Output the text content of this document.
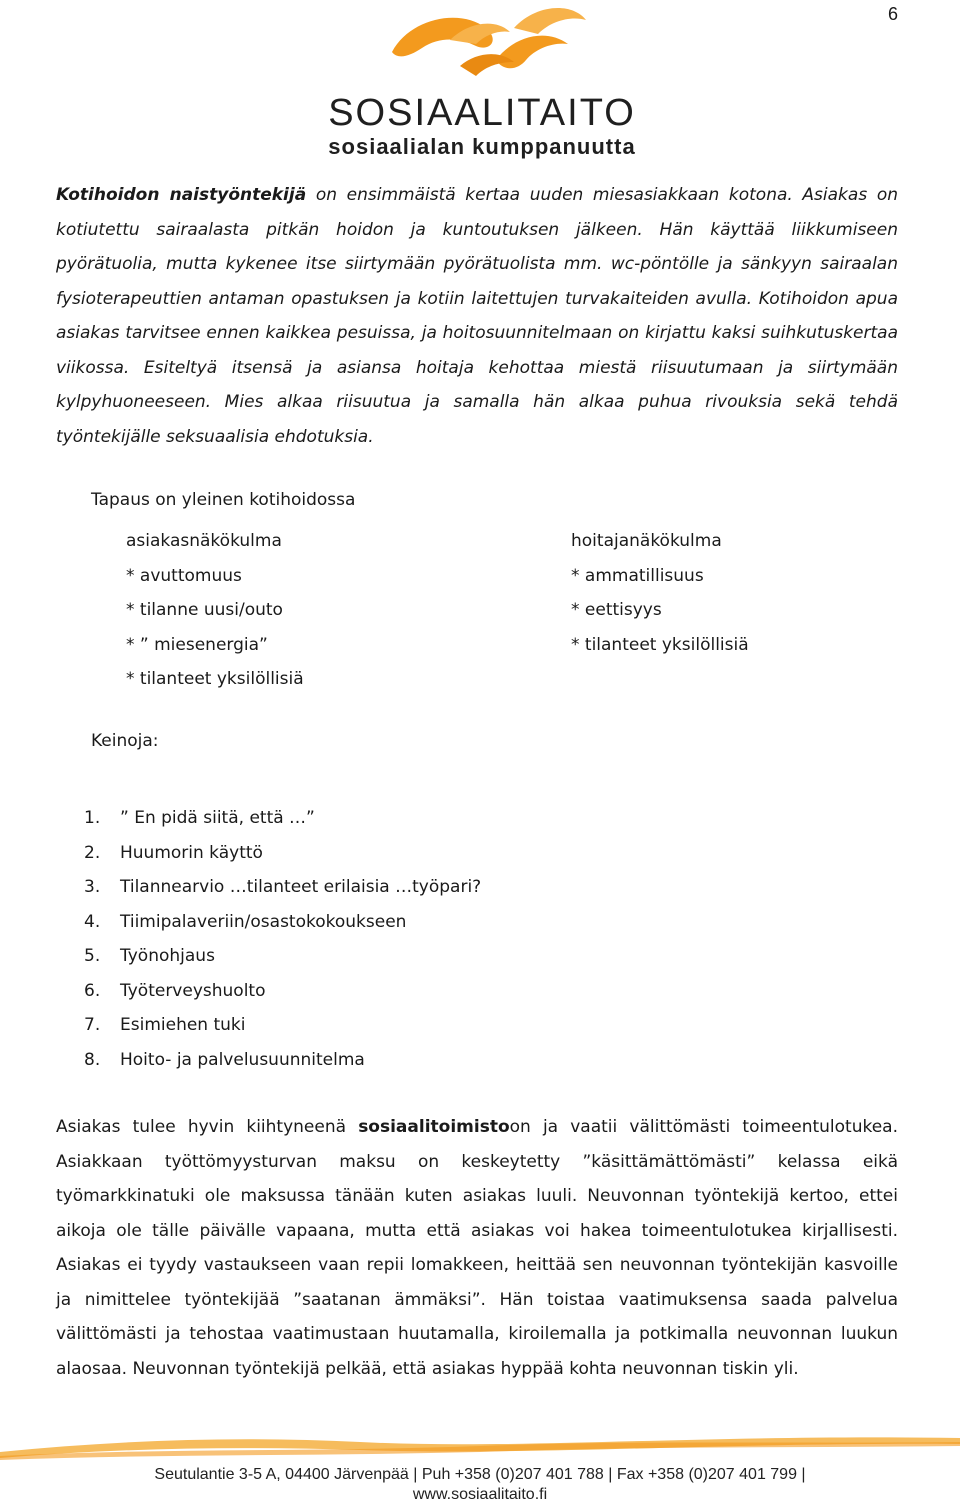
6
SOSIAALITAITO
sosiaalialan kumppanuutta

Kotihoidon naistyöntekijä on ensimmäistä kertaa uuden miesasiakkaan kotona. Asiakas on kotiutettu sairaalasta pitkän hoidon ja kuntoutuksen jälkeen. Hän käyttää liikkumiseen pyörätuolia, mutta kykenee itse siirtymään pyörätuolista mm. wc-pöntölle ja sänkyyn sairaalan fysioterapeuttien antaman opastuksen ja kotiin laitettujen turvakaiteiden avulla. Kotihoidon apua asiakas tarvitsee ennen kaikkea pesuissa, ja hoitosuunnitelmaan on kirjattu kaksi suihkutuskertaa viikossa. Esiteltyä itsensä ja asiansa hoitaja kehottaa miestä riisuutumaan ja siirtymään kylpyhuoneeseen. Mies alkaa riisuutua ja samalla hän alkaa puhua rivouksia sekä tehdä työntekijälle seksuaalisia ehdotuksia.

Tapaus on yleinen kotihoidossa
asiakasnäkökulma
* avuttomuus
* tilanne uusi/outo
* ” miesenergia”
* tilanteet yksilöllisiä
hoitajanäkökulma
* ammatillisuus
* eettisyys
* tilanteet yksilöllisiä
Keinoja:
1. ” En pidä siitä, että …”
2. Huumorin käyttö
3. Tilannearvio …tilanteet erilaisia …työpari?
4. Tiimipalaveriin/osastokokoukseen
5. Työnohjaus
6. Työterveyshuolto
7. Esimiehen tuki
8. Hoito- ja palvelusuunnitelma

Asiakas tulee hyvin kiihtyneenä sosiaalitoimistoon ja vaatii välittömästi toimeentulotukea. Asiakkaan työttömyysturvan maksu on keskeytetty ”käsittämättömästi” kelassa eikä työmarkkinatuki ole maksussa tänään kuten asiakas luuli. Neuvonnan työntekijä kertoo, ettei aikoja ole tälle päivälle vapaana, mutta että asiakas voi hakea toimeentulotukea kirjallisesti. Asiakas ei tyydy vastaukseen vaan repii lomakkeen, heittää sen neuvonnan työntekijän kasvoille ja nimittelee työntekijää ”saatanan ämmäksi”. Hän toistaa vaatimuksensa saada palvelua välittömästi ja tehostaa vaatimustaan huutamalla, kiroilemalla ja potkimalla neuvonnan luukun alaosaa. Neuvonnan työntekijä pelkää, että asiakas hyppää kohta neuvonnan tiskin yli.

Seutulantie 3-5 A, 04400 Järvenpää | Puh +358 (0)207 401 788 | Fax +358 (0)207 401 799 |
www.sosiaalitaito.fi
